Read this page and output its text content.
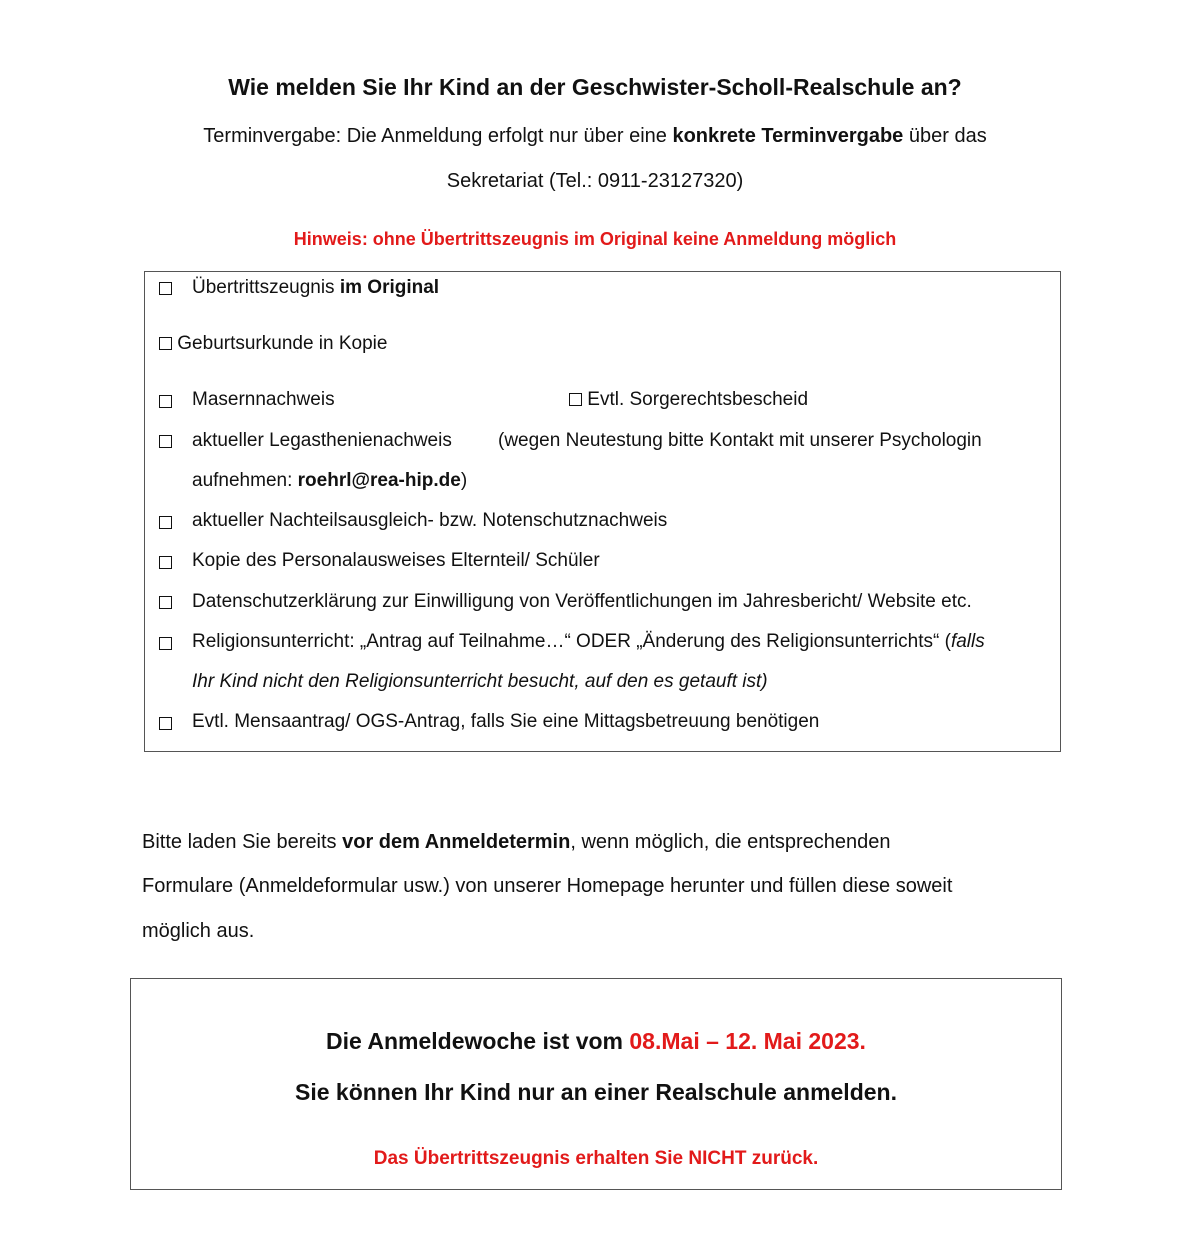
Wie melden Sie Ihr Kind an der Geschwister-Scholl-Realschule an?
Terminvergabe: Die Anmeldung erfolgt nur über eine konkrete Terminvergabe über das
Sekretariat (Tel.: 0911-23127320)
Hinweis: ohne Übertrittszeugnis im Original keine Anmeldung möglich
Übertrittszeugnis im Original
Geburtsurkunde in Kopie
Masernnachweis	Evtl. Sorgerechtsbescheid
aktueller Legasthenienachweis (wegen Neutestung bitte Kontakt mit unserer Psychologin
aufnehmen: roehrl@rea-hip.de)
aktueller Nachteilsausgleich- bzw. Notenschutznachweis
Kopie des Personalausweises Elternteil/ Schüler
Datenschutzerklärung zur Einwilligung von Veröffentlichungen im Jahresbericht/ Website etc.
Religionsunterricht: „Antrag auf Teilnahme…“ ODER „Änderung des Religionsunterrichts“ (falls
Ihr Kind nicht den Religionsunterricht besucht, auf den es getauft ist)
Evtl. Mensaantrag/ OGS-Antrag, falls Sie eine Mittagsbetreuung benötigen
Bitte laden Sie bereits vor dem Anmeldetermin, wenn möglich, die entsprechenden
Formulare (Anmeldeformular usw.) von unserer Homepage herunter und füllen diese soweit
möglich aus.
Die Anmeldewoche ist vom 08.Mai – 12. Mai 2023.
Sie können Ihr Kind nur an einer Realschule anmelden.
Das Übertrittszeugnis erhalten Sie NICHT zurück.
